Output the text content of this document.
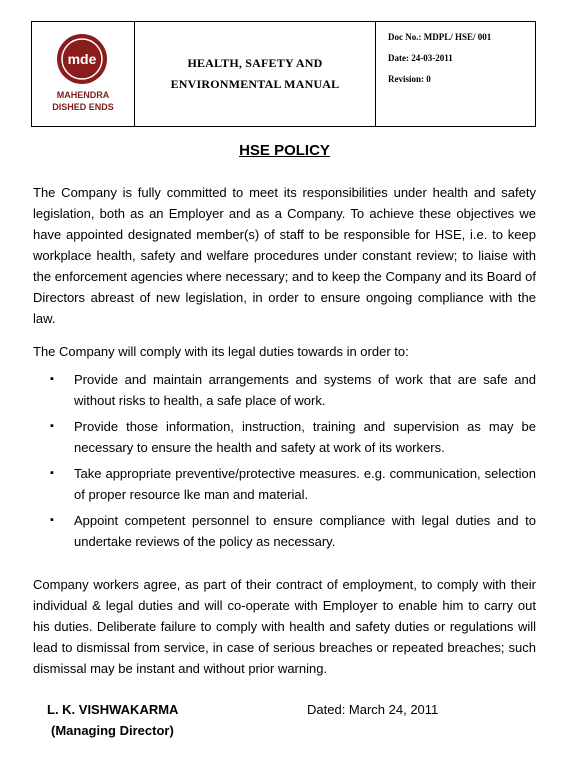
mde
MAHENDRA
DISHED ENDS
HEALTH, SAFETY AND
ENVIRONMENTAL MANUAL
Doc No.: MDPL/ HSE/ 001
Date: 24-03-2011
Revision: 0
HSE POLICY

The Company is fully committed to meet its responsibilities under health and safety legislation, both as an Employer and as a Company. To achieve these objectives we have appointed designated member(s) of staff to be responsible for HSE, i.e. to keep workplace health, safety and welfare procedures under constant review; to liaise with the enforcement agencies where necessary; and to keep the Company and its Board of Directors abreast of new legislation, in order to ensure ongoing compliance with the law.

The Company will comply with its legal duties towards in order to:

▪ Provide and maintain arrangements and systems of work that are safe and without risks to health, a safe place of work.
▪ Provide those information, instruction, training and supervision as may be necessary to ensure the health and safety at work of its workers.
▪ Take appropriate preventive/protective measures. e.g. communication, selection of proper resource lke man and material.
▪ Appoint competent personnel to ensure compliance with legal duties and to undertake reviews of the policy as necessary.

Company workers agree, as part of their contract of employment, to comply with their individual & legal duties and will co-operate with Employer to enable him to carry out his duties. Deliberate failure to comply with health and safety duties or regulations will lead to dismissal from service, in case of serious breaches or repeated breaches; such dismissal may be instant and without prior warning.

L. K. VISHWAKARMA
(Managing Director)
Dated: March 24, 2011
